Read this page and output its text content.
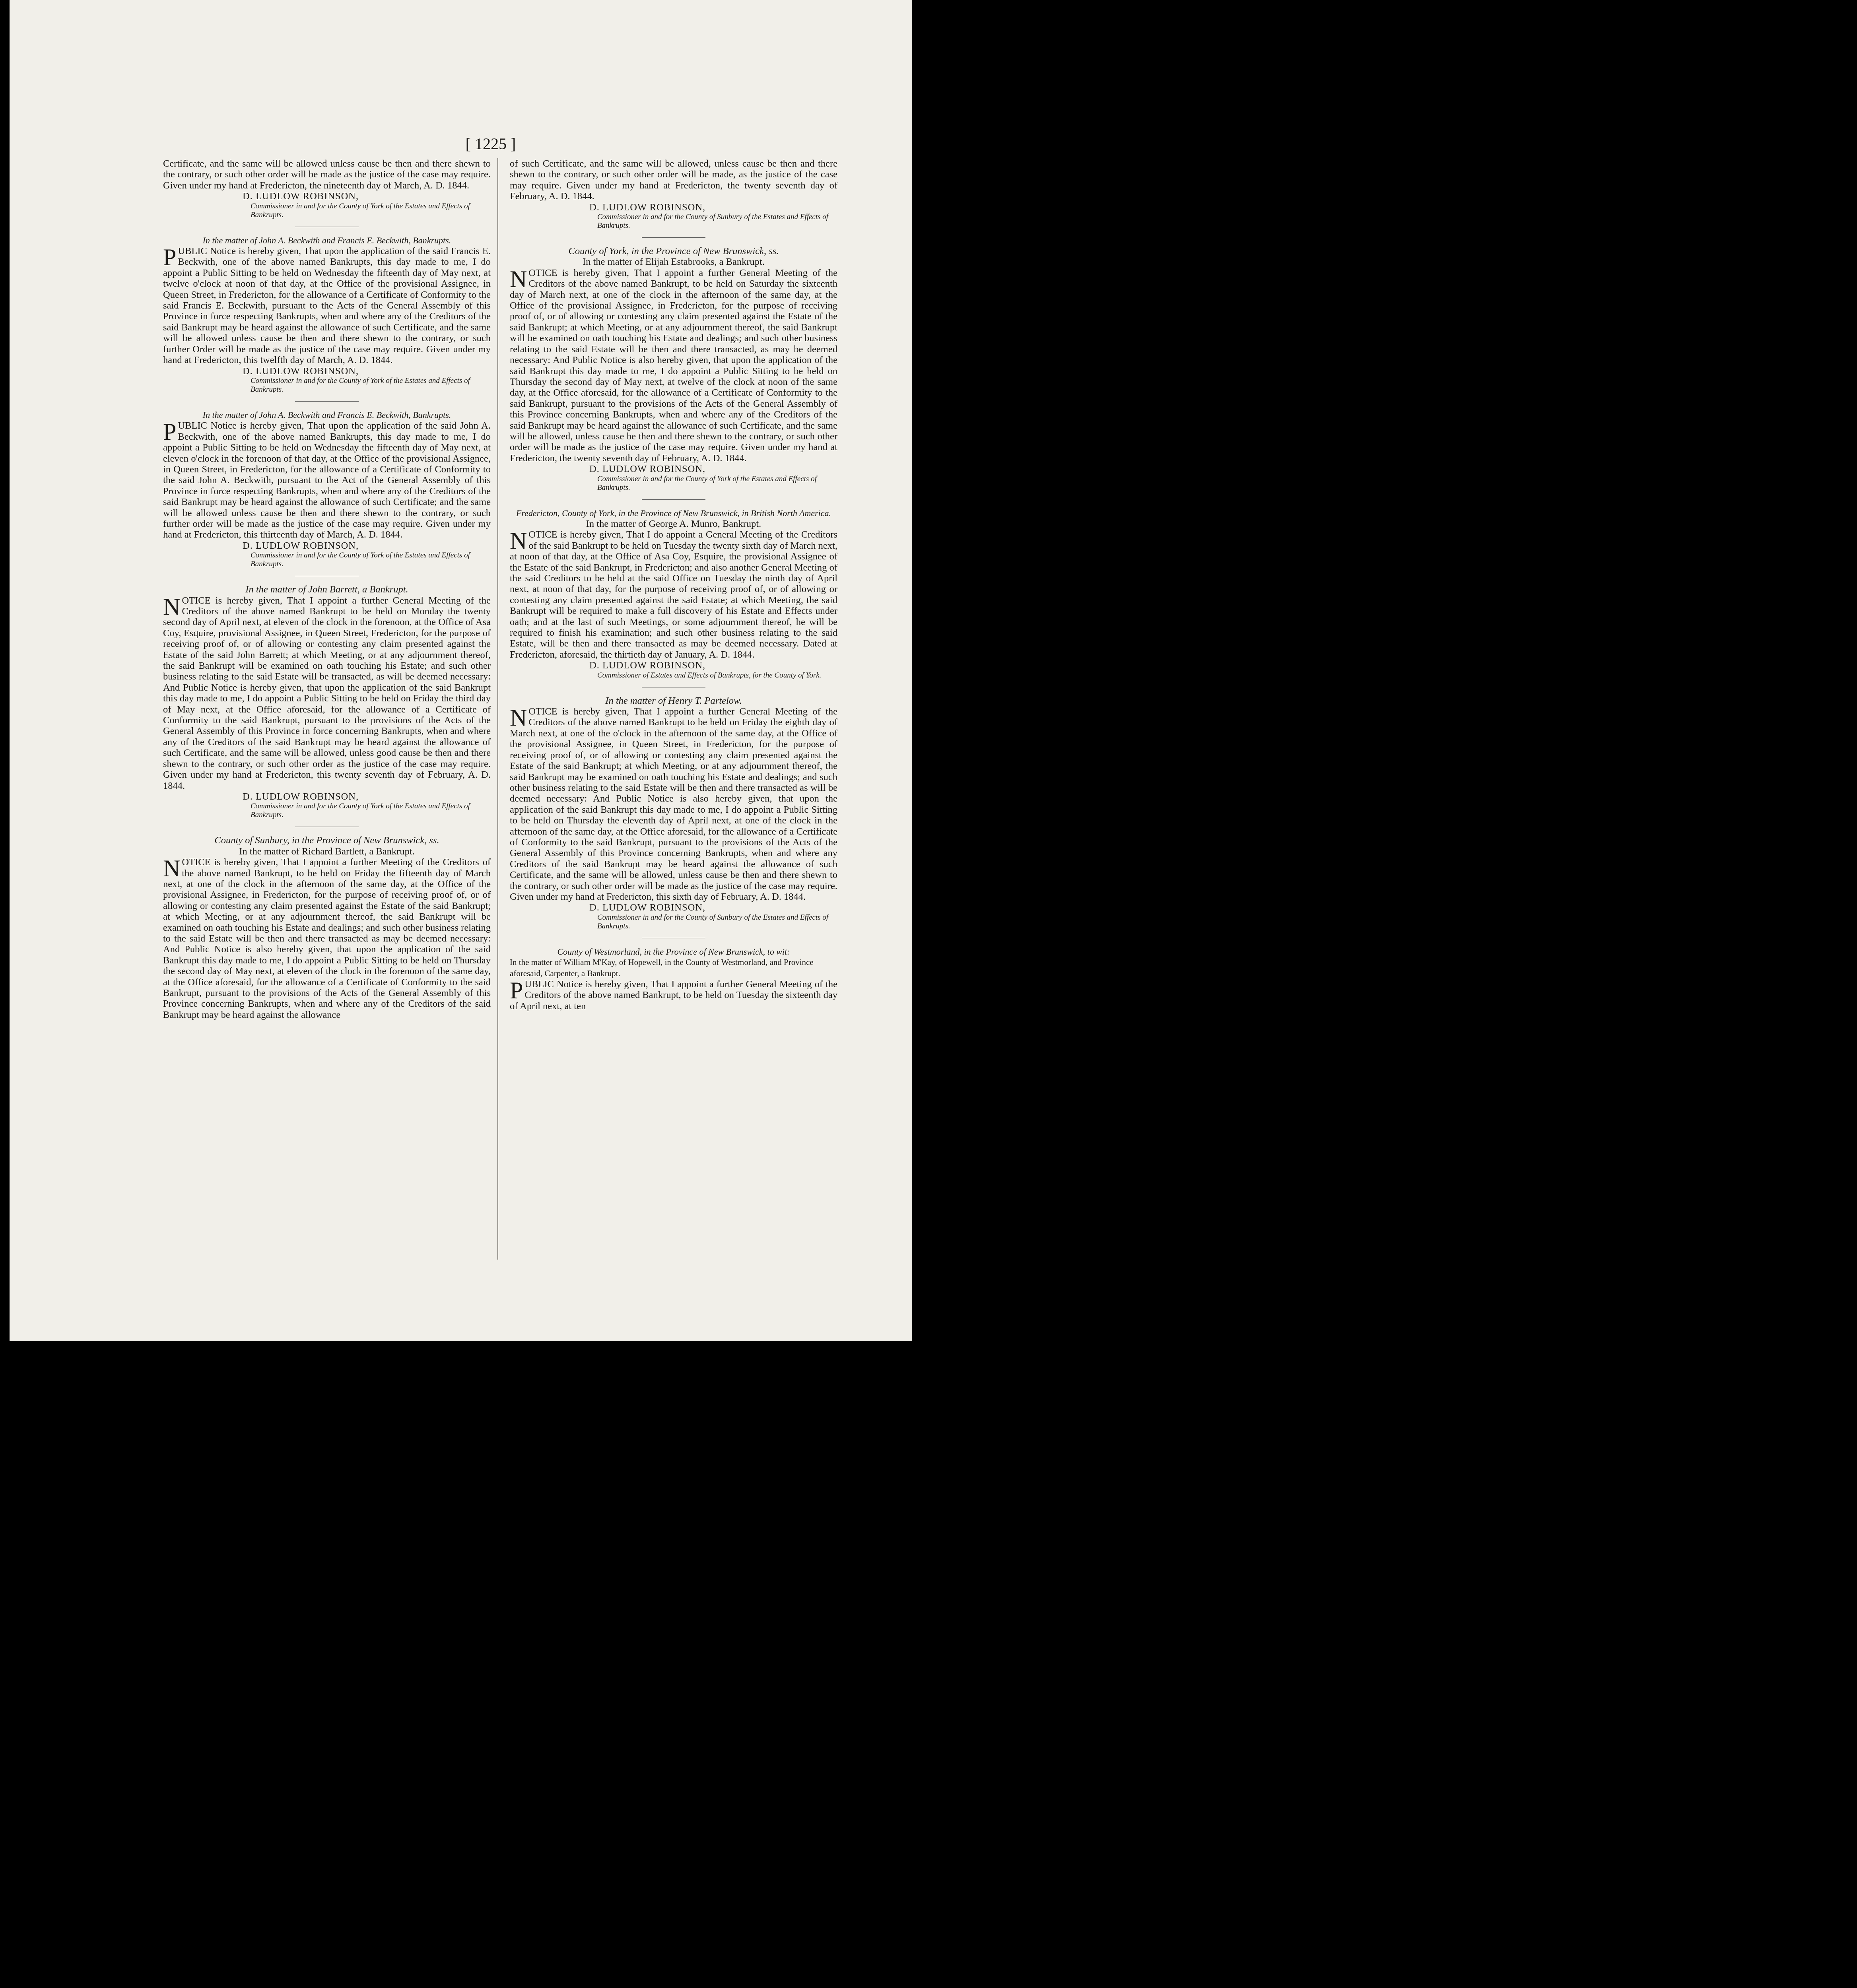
[ 1225 ]

Certificate, and the same will be allowed unless cause be then and there shewn to the contrary, or such other order will be made as the justice of the case may require. Given under my hand at Fredericton, the nineteenth day of March, A. D. 1844.

D. LUDLOW ROBINSON,

Commissioner in and for the County of York of the Estates and Effects of Bankrupts.

In the matter of John A. Beckwith and Francis E. Beckwith, Bankrupts.

PUBLIC Notice is hereby given, That upon the application of the said Francis E. Beckwith, one of the above named Bankrupts, this day made to me, I do appoint a Public Sitting to be held on Wednesday the fifteenth day of May next, at twelve o'clock at noon of that day, at the Office of the provisional Assignee, in Queen Street, in Fredericton, for the allowance of a Certificate of Conformity to the said Francis E. Beckwith, pursuant to the Acts of the General Assembly of this Province in force respecting Bankrupts, when and where any of the Creditors of the said Bankrupt may be heard against the allowance of such Certificate, and the same will be allowed unless cause be then and there shewn to the contrary, or such further Order will be made as the justice of the case may require. Given under my hand at Fredericton, this twelfth day of March, A. D. 1844.

D. LUDLOW ROBINSON,

Commissioner in and for the County of York of the Estates and Effects of Bankrupts.

In the matter of John A. Beckwith and Francis E. Beckwith, Bankrupts.

PUBLIC Notice is hereby given, That upon the application of the said John A. Beckwith, one of the above named Bankrupts, this day made to me, I do appoint a Public Sitting to be held on Wednesday the fifteenth day of May next, at eleven o'clock in the forenoon of that day, at the Office of the provisional Assignee, in Queen Street, in Fredericton, for the allowance of a Certificate of Conformity to the said John A. Beckwith, pursuant to the Act of the General Assembly of this Province in force respecting Bankrupts, when and where any of the Creditors of the said Bankrupt may be heard against the allowance of such Certificate; and the same will be allowed unless cause be then and there shewn to the contrary, or such further order will be made as the justice of the case may require. Given under my hand at Fredericton, this thirteenth day of March, A. D. 1844.

D. LUDLOW ROBINSON,

Commissioner in and for the County of York of the Estates and Effects of Bankrupts.

In the matter of John Barrett, a Bankrupt.

NOTICE is hereby given, That I appoint a further General Meeting of the Creditors of the above named Bankrupt to be held on Monday the twenty second day of April next, at eleven of the clock in the forenoon, at the Office of Asa Coy, Esquire, provisional Assignee, in Queen Street, Fredericton, for the purpose of receiving proof of, or of allowing or contesting any claim presented against the Estate of the said John Barrett; at which Meeting, or at any adjournment thereof, the said Bankrupt will be examined on oath touching his Estate; and such other business relating to the said Estate will be transacted, as will be deemed necessary: And Public Notice is hereby given, that upon the application of the said Bankrupt this day made to me, I do appoint a Public Sitting to be held on Friday the third day of May next, at the Office aforesaid, for the allowance of a Certificate of Conformity to the said Bankrupt, pursuant to the provisions of the Acts of the General Assembly of this Province in force concerning Bankrupts, when and where any of the Creditors of the said Bankrupt may be heard against the allowance of such Certificate, and the same will be allowed, unless good cause be then and there shewn to the contrary, or such other order as the justice of the case may require. Given under my hand at Fredericton, this twenty seventh day of February, A. D. 1844.

D. LUDLOW ROBINSON,

Commissioner in and for the County of York of the Estates and Effects of Bankrupts.

County of Sunbury, in the Province of New Brunswick, ss.

In the matter of Richard Bartlett, a Bankrupt.

NOTICE is hereby given, That I appoint a further Meeting of the Creditors of the above named Bankrupt, to be held on Friday the fifteenth day of March next, at one of the clock in the afternoon of the same day, at the Office of the provisional Assignee, in Fredericton, for the purpose of receiving proof of, or of allowing or contesting any claim presented against the Estate of the said Bankrupt; at which Meeting, or at any adjournment thereof, the said Bankrupt will be examined on oath touching his Estate and dealings; and such other business relating to the said Estate will be then and there transacted as may be deemed necessary: And Public Notice is also hereby given, that upon the application of the said Bankrupt this day made to me, I do appoint a Public Sitting to be held on Thursday the second day of May next, at eleven of the clock in the forenoon of the same day, at the Office aforesaid, for the allowance of a Certificate of Conformity to the said Bankrupt, pursuant to the provisions of the Acts of the General Assembly of this Province concerning Bankrupts, when and where any of the Creditors of the said Bankrupt may be heard against the allowance

of such Certificate, and the same will be allowed, unless cause be then and there shewn to the contrary, or such other order will be made, as the justice of the case may require. Given under my hand at Fredericton, the twenty seventh day of February, A. D. 1844.

D. LUDLOW ROBINSON,

Commissioner in and for the County of Sunbury of the Estates and Effects of Bankrupts.

County of York, in the Province of New Brunswick, ss.

In the matter of Elijah Estabrooks, a Bankrupt.

NOTICE is hereby given, That I appoint a further General Meeting of the Creditors of the above named Bankrupt, to be held on Saturday the sixteenth day of March next, at one of the clock in the afternoon of the same day, at the Office of the provisional Assignee, in Fredericton, for the purpose of receiving proof of, or of allowing or contesting any claim presented against the Estate of the said Bankrupt; at which Meeting, or at any adjournment thereof, the said Bankrupt will be examined on oath touching his Estate and dealings; and such other business relating to the said Estate will be then and there transacted, as may be deemed necessary: And Public Notice is also hereby given, that upon the application of the said Bankrupt this day made to me, I do appoint a Public Sitting to be held on Thursday the second day of May next, at twelve of the clock at noon of the same day, at the Office aforesaid, for the allowance of a Certificate of Conformity to the said Bankrupt, pursuant to the provisions of the Acts of the General Assembly of this Province concerning Bankrupts, when and where any of the Creditors of the said Bankrupt may be heard against the allowance of such Certificate, and the same will be allowed, unless cause be then and there shewn to the contrary, or such other order will be made as the justice of the case may require. Given under my hand at Fredericton, the twenty seventh day of February, A. D. 1844.

D. LUDLOW ROBINSON,

Commissioner in and for the County of York of the Estates and Effects of Bankrupts.

Fredericton, County of York, in the Province of New Brunswick, in British North America.

In the matter of George A. Munro, Bankrupt.

NOTICE is hereby given, That I do appoint a General Meeting of the Creditors of the said Bankrupt to be held on Tuesday the twenty sixth day of March next, at noon of that day, at the Office of Asa Coy, Esquire, the provisional Assignee of the Estate of the said Bankrupt, in Fredericton; and also another General Meeting of the said Creditors to be held at the said Office on Tuesday the ninth day of April next, at noon of that day, for the purpose of receiving proof of, or of allowing or contesting any claim presented against the said Estate; at which Meeting, the said Bankrupt will be required to make a full discovery of his Estate and Effects under oath; and at the last of such Meetings, or some adjournment thereof, he will be required to finish his examination; and such other business relating to the said Estate, will be then and there transacted as may be deemed necessary. Dated at Fredericton, aforesaid, the thirtieth day of January, A. D. 1844.

D. LUDLOW ROBINSON,

Commissioner of Estates and Effects of Bankrupts, for the County of York.

In the matter of Henry T. Partelow.

NOTICE is hereby given, That I appoint a further General Meeting of the Creditors of the above named Bankrupt to be held on Friday the eighth day of March next, at one of the o'clock in the afternoon of the same day, at the Office of the provisional Assignee, in Queen Street, in Fredericton, for the purpose of receiving proof of, or of allowing or contesting any claim presented against the Estate of the said Bankrupt; at which Meeting, or at any adjournment thereof, the said Bankrupt may be examined on oath touching his Estate and dealings; and such other business relating to the said Estate will be then and there transacted as will be deemed necessary: And Public Notice is also hereby given, that upon the application of the said Bankrupt this day made to me, I do appoint a Public Sitting to be held on Thursday the eleventh day of April next, at one of the clock in the afternoon of the same day, at the Office aforesaid, for the allowance of a Certificate of Conformity to the said Bankrupt, pursuant to the provisions of the Acts of the General Assembly of this Province concerning Bankrupts, when and where any Creditors of the said Bankrupt may be heard against the allowance of such Certificate, and the same will be allowed, unless cause be then and there shewn to the contrary, or such other order will be made as the justice of the case may require. Given under my hand at Fredericton, this sixth day of February, A. D. 1844.

D. LUDLOW ROBINSON,

Commissioner in and for the County of Sunbury of the Estates and Effects of Bankrupts.

County of Westmorland, in the Province of New Brunswick, to wit:

In the matter of William M'Kay, of Hopewell, in the County of Westmorland, and Province aforesaid, Carpenter, a Bankrupt.

PUBLIC Notice is hereby given, That I appoint a further General Meeting of the Creditors of the above named Bankrupt, to be held on Tuesday the sixteenth day of April next, at ten
